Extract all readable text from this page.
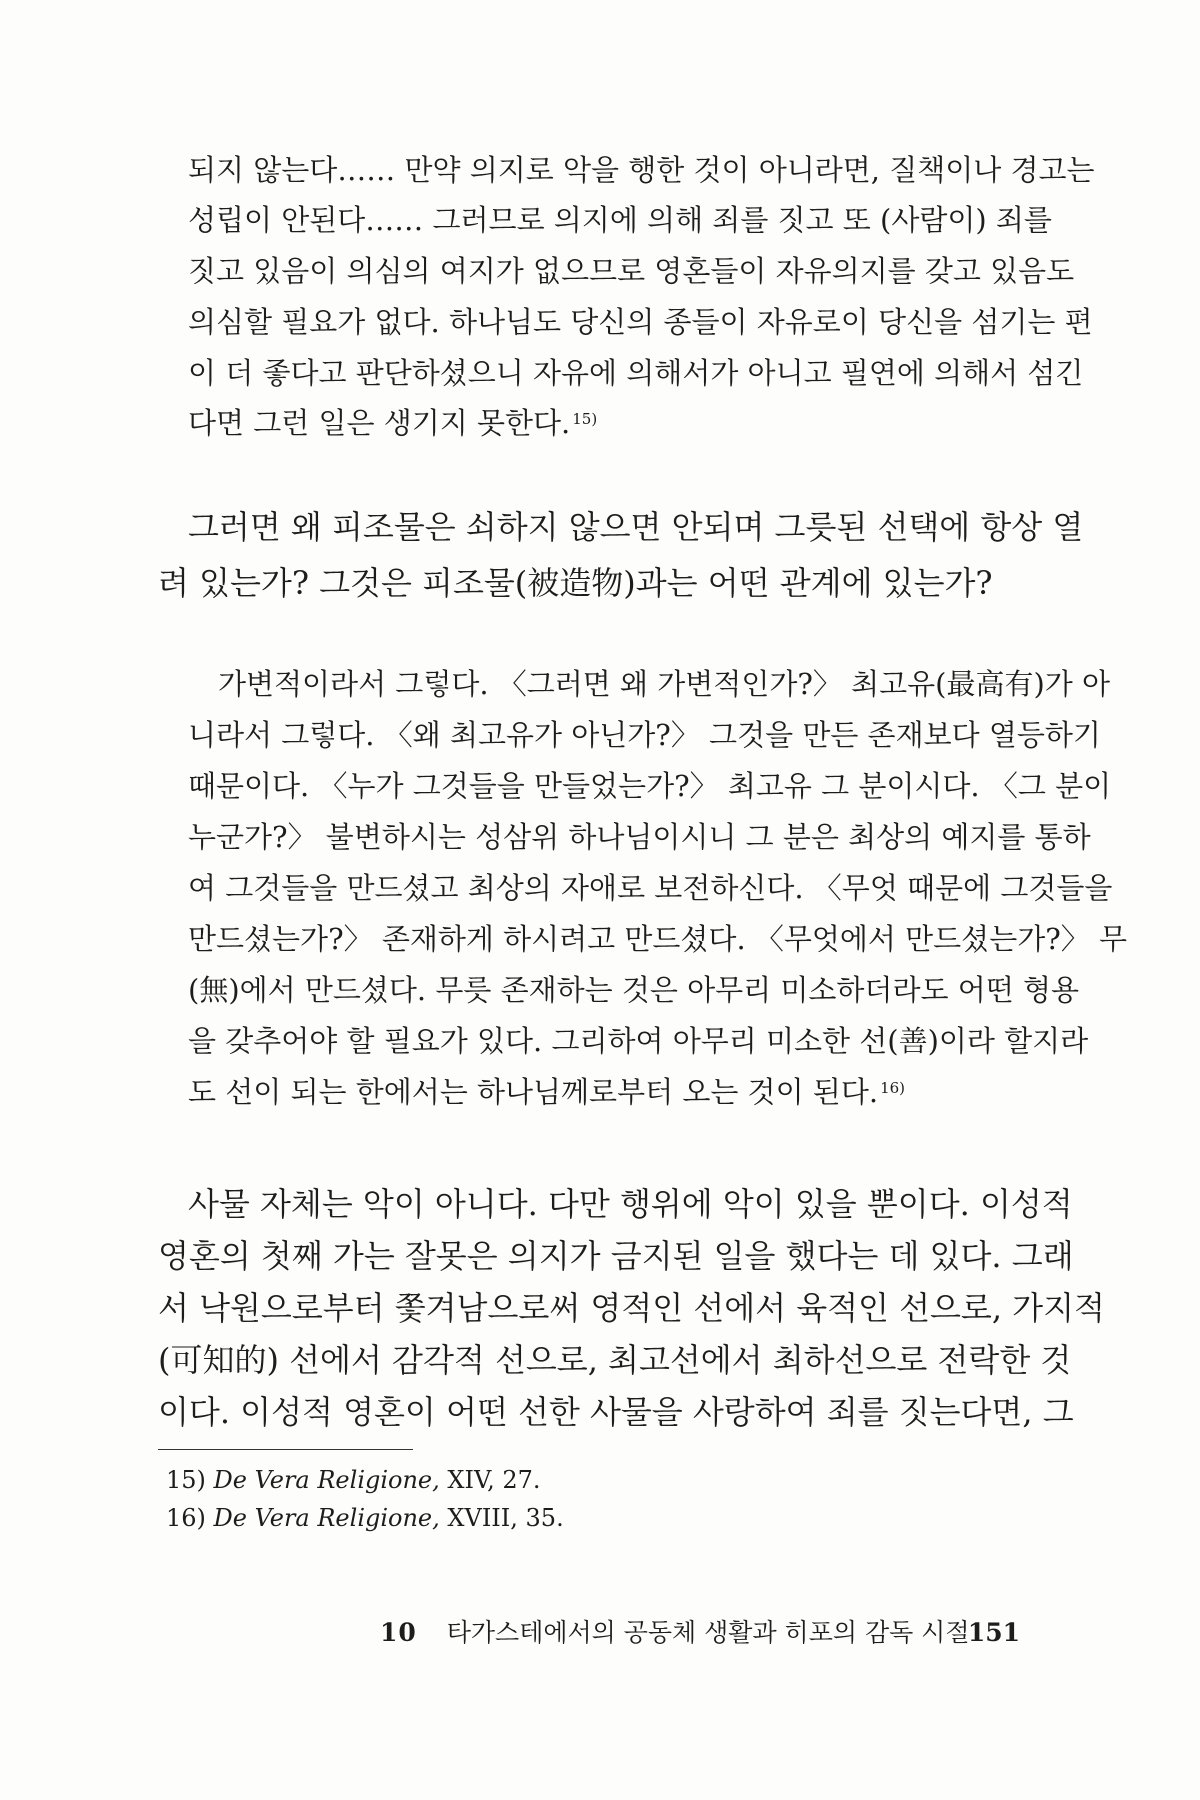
되지 않는다…… 만약 의지로 악을 행한 것이 아니라면, 질책이나 경고는
성립이 안된다…… 그러므로 의지에 의해 죄를 짓고 또 (사람이) 죄를
짓고 있음이 의심의 여지가 없으므로 영혼들이 자유의지를 갖고 있음도
의심할 필요가 없다. 하나님도 당신의 종들이 자유로이 당신을 섬기는 편
이 더 좋다고 판단하셨으니 자유에 의해서가 아니고 필연에 의해서 섬긴
다면 그런 일은 생기지 못한다. $^{15)}$
그러면 왜 피조물은 쇠하지 않으면 안되며 그릇된 선택에 항상 열
려 있는가? 그것은 피조물(被造物)과는 어떤 관계에 있는가?
가변적이라서 그렇다. 〈그러면 왜 가변적인가?〉 최고유(最高有)가 아
니라서 그렇다. 〈왜 최고유가 아닌가?〉 그것을 만든 존재보다 열등하기
때문이다. 〈누가 그것들을 만들었는가?〉 최고유 그 분이시다. 〈그 분이
누군가?〉 불변하시는 성삼위 하나님이시니 그 분은 최상의 예지를 통하
여 그것들을 만드셨고 최상의 자애로 보전하신다. 〈무엇 때문에 그것들을
만드셨는가?〉 존재하게 하시려고 만드셨다. 〈무엇에서 만드셨는가?〉 무
(無)에서 만드셨다. 무릇 존재하는 것은 아무리 미소하더라도 어떤 형용
을 갖추어야 할 필요가 있다. 그리하여 아무리 미소한 선(善)이라 할지라
도 선이 되는 한에서는 하나님께로부터 오는 것이 된다. $^{16)}$
사물 자체는 악이 아니다. 다만 행위에 악이 있을 뿐이다. 이성적
영혼의 첫째 가는 잘못은 의지가 금지된 일을 했다는 데 있다. 그래
서 낙원으로부터 쫓겨남으로써 영적인 선에서 육적인 선으로, 가지적
(可知的) 선에서 감각적 선으로, 최고선에서 최하선으로 전락한 것
이다. 이성적 영혼이 어떤 선한 사물을 사랑하여 죄를 짓는다면, 그
15) De Vera Religione, XIV, 27.
16) De Vera Religione, XVIII, 35.
10 타가스테에서의 공동체 생활과 히포의 감독 시절
151
